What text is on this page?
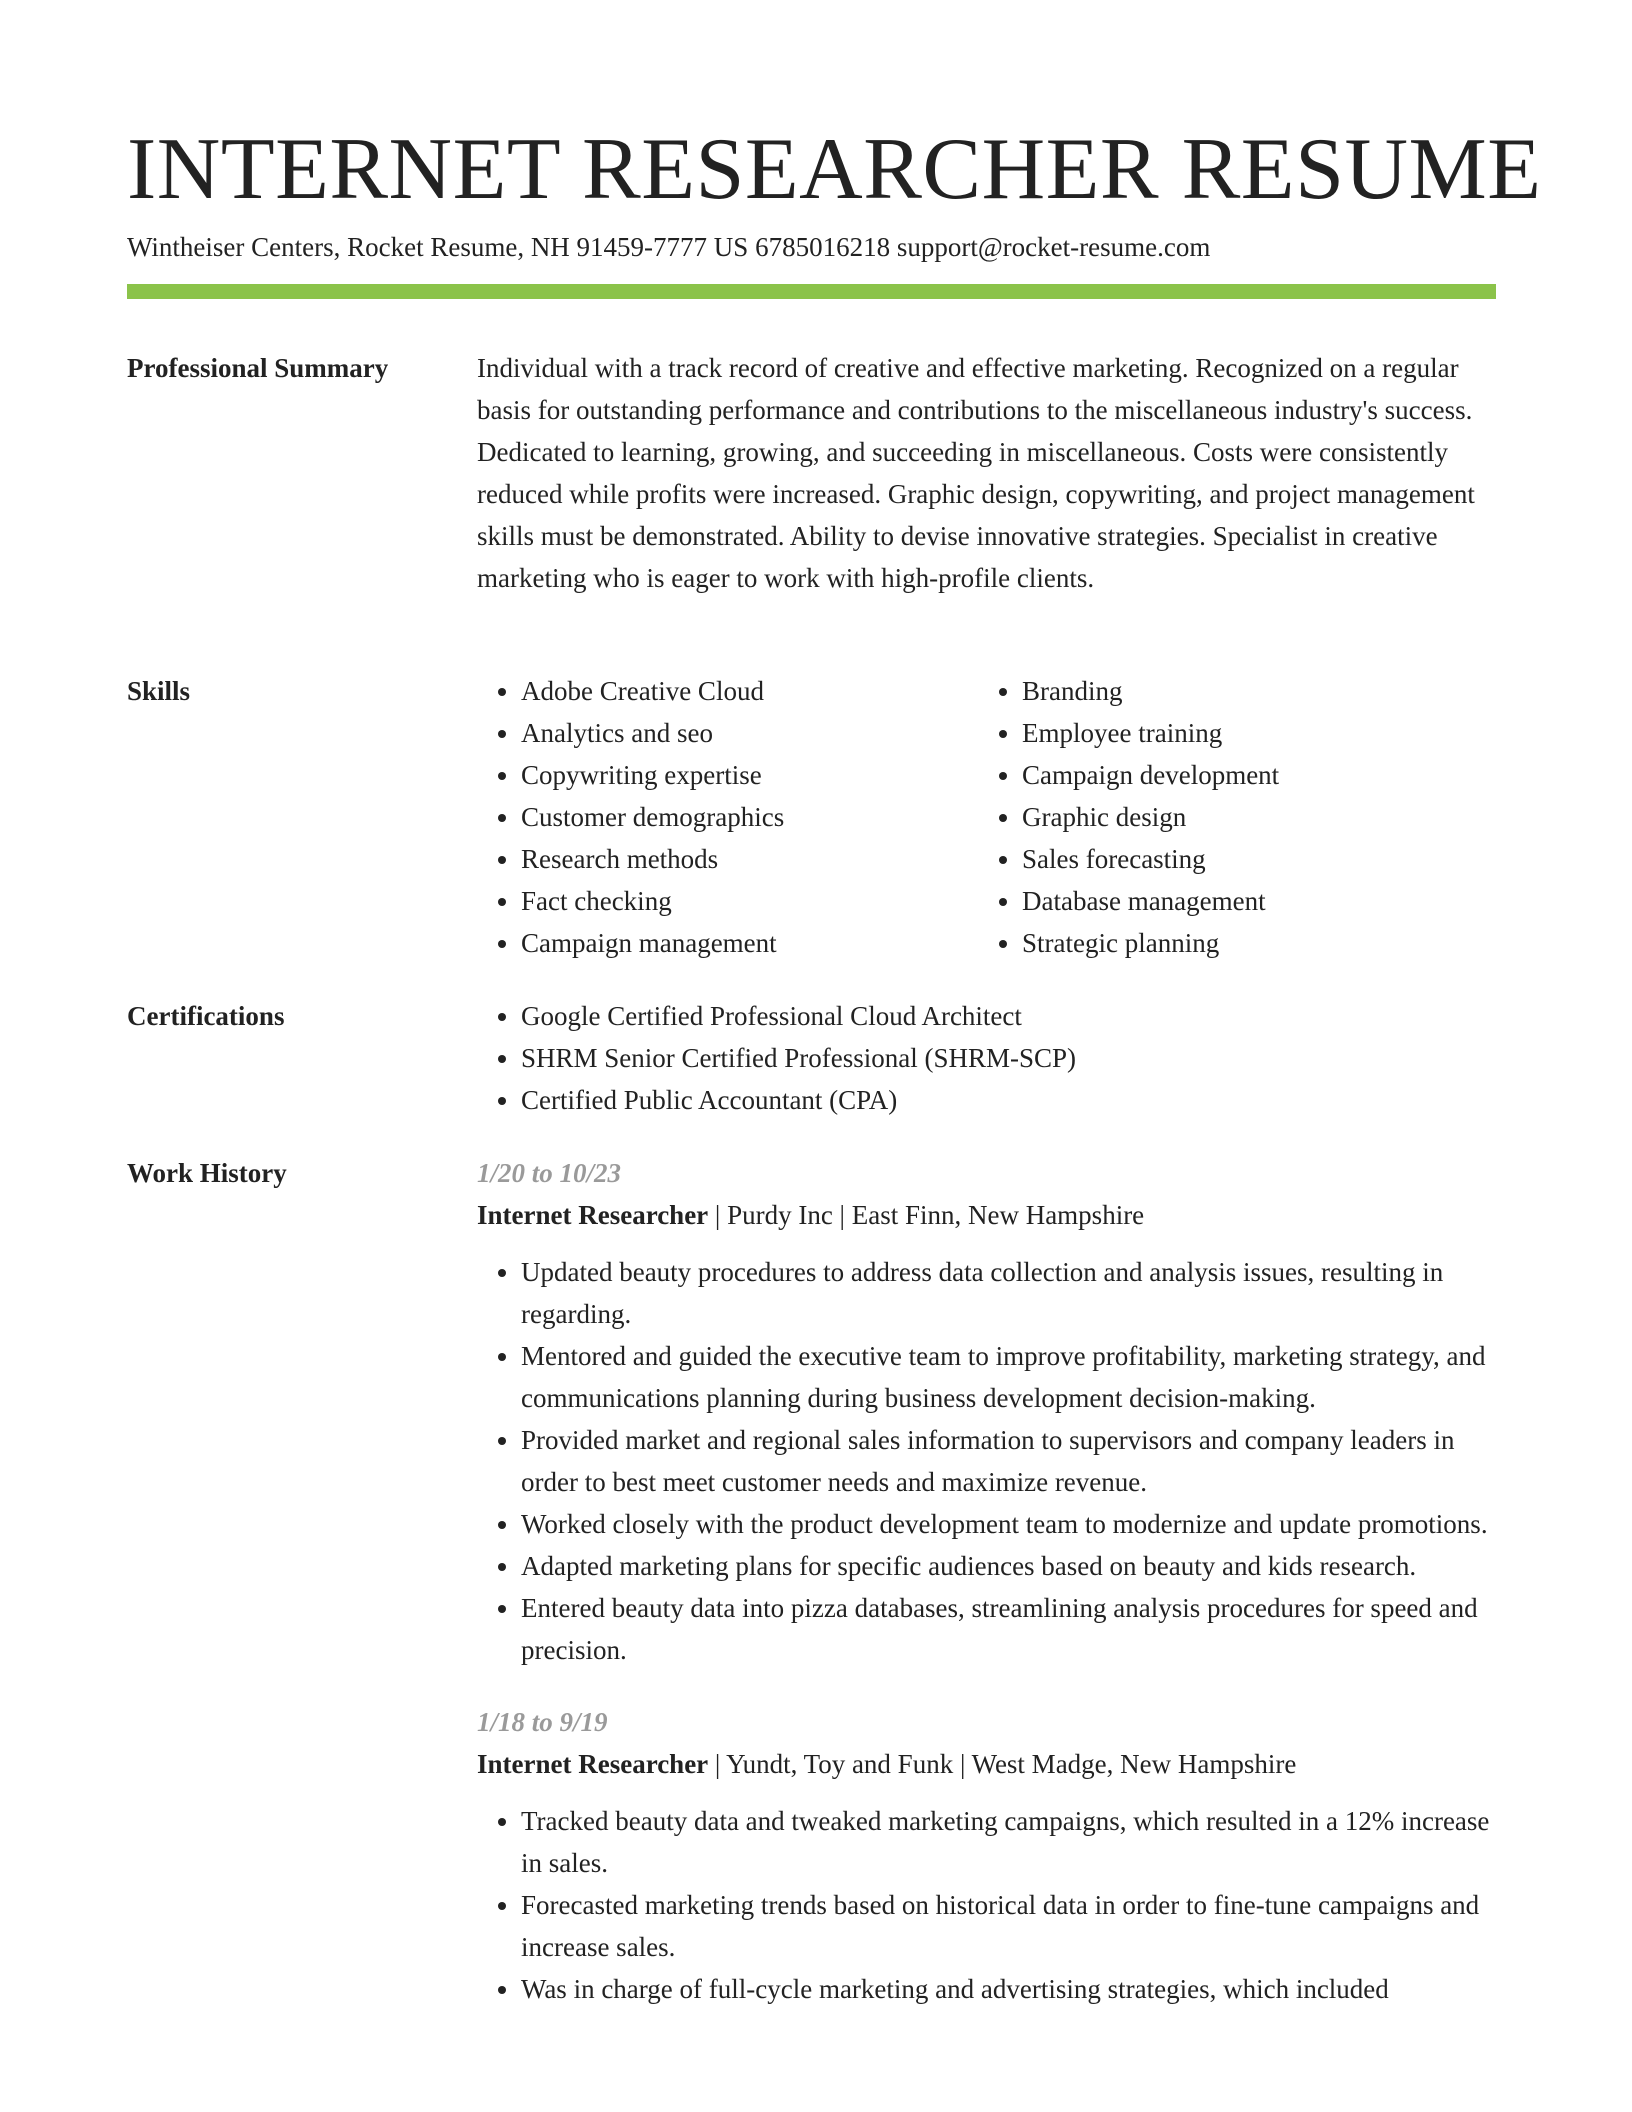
INTERNET RESEARCHER RESUME
Wintheiser Centers, Rocket Resume, NH 91459-7777 US 6785016218 support@rocket-resume.com
Professional Summary	Individual with a track record of creative and effective marketing. Recognized on a regular basis for outstanding performance and contributions to the miscellaneous industry's success. Dedicated to learning, growing, and succeeding in miscellaneous. Costs were consistently reduced while profits were increased. Graphic design, copywriting, and project management skills must be demonstrated. Ability to devise innovative strategies. Specialist in creative marketing who is eager to work with high-profile clients.

Skills	• Adobe Creative Cloud
• Analytics and seo
• Copywriting expertise
• Customer demographics
• Research methods
• Fact checking
• Campaign management
• Branding
• Employee training
• Campaign development
• Graphic design
• Sales forecasting
• Database management
• Strategic planning
Certifications	• Google Certified Professional Cloud Architect
• SHRM Senior Certified Professional (SHRM-SCP)
• Certified Public Accountant (CPA)
Work History	1/20 to 10/23
Internet Researcher | Purdy Inc | East Finn, New Hampshire
• Updated beauty procedures to address data collection and analysis issues, resulting in regarding.
• Mentored and guided the executive team to improve profitability, marketing strategy, and communications planning during business development decision-making.
• Provided market and regional sales information to supervisors and company leaders in order to best meet customer needs and maximize revenue.
• Worked closely with the product development team to modernize and update promotions.
• Adapted marketing plans for specific audiences based on beauty and kids research.
• Entered beauty data into pizza databases, streamlining analysis procedures for speed and precision.
1/18 to 9/19
Internet Researcher | Yundt, Toy and Funk | West Madge, New Hampshire
• Tracked beauty data and tweaked marketing campaigns, which resulted in a 12% increase in sales.
• Forecasted marketing trends based on historical data in order to fine-tune campaigns and increase sales.
• Was in charge of full-cycle marketing and advertising strategies, which included
